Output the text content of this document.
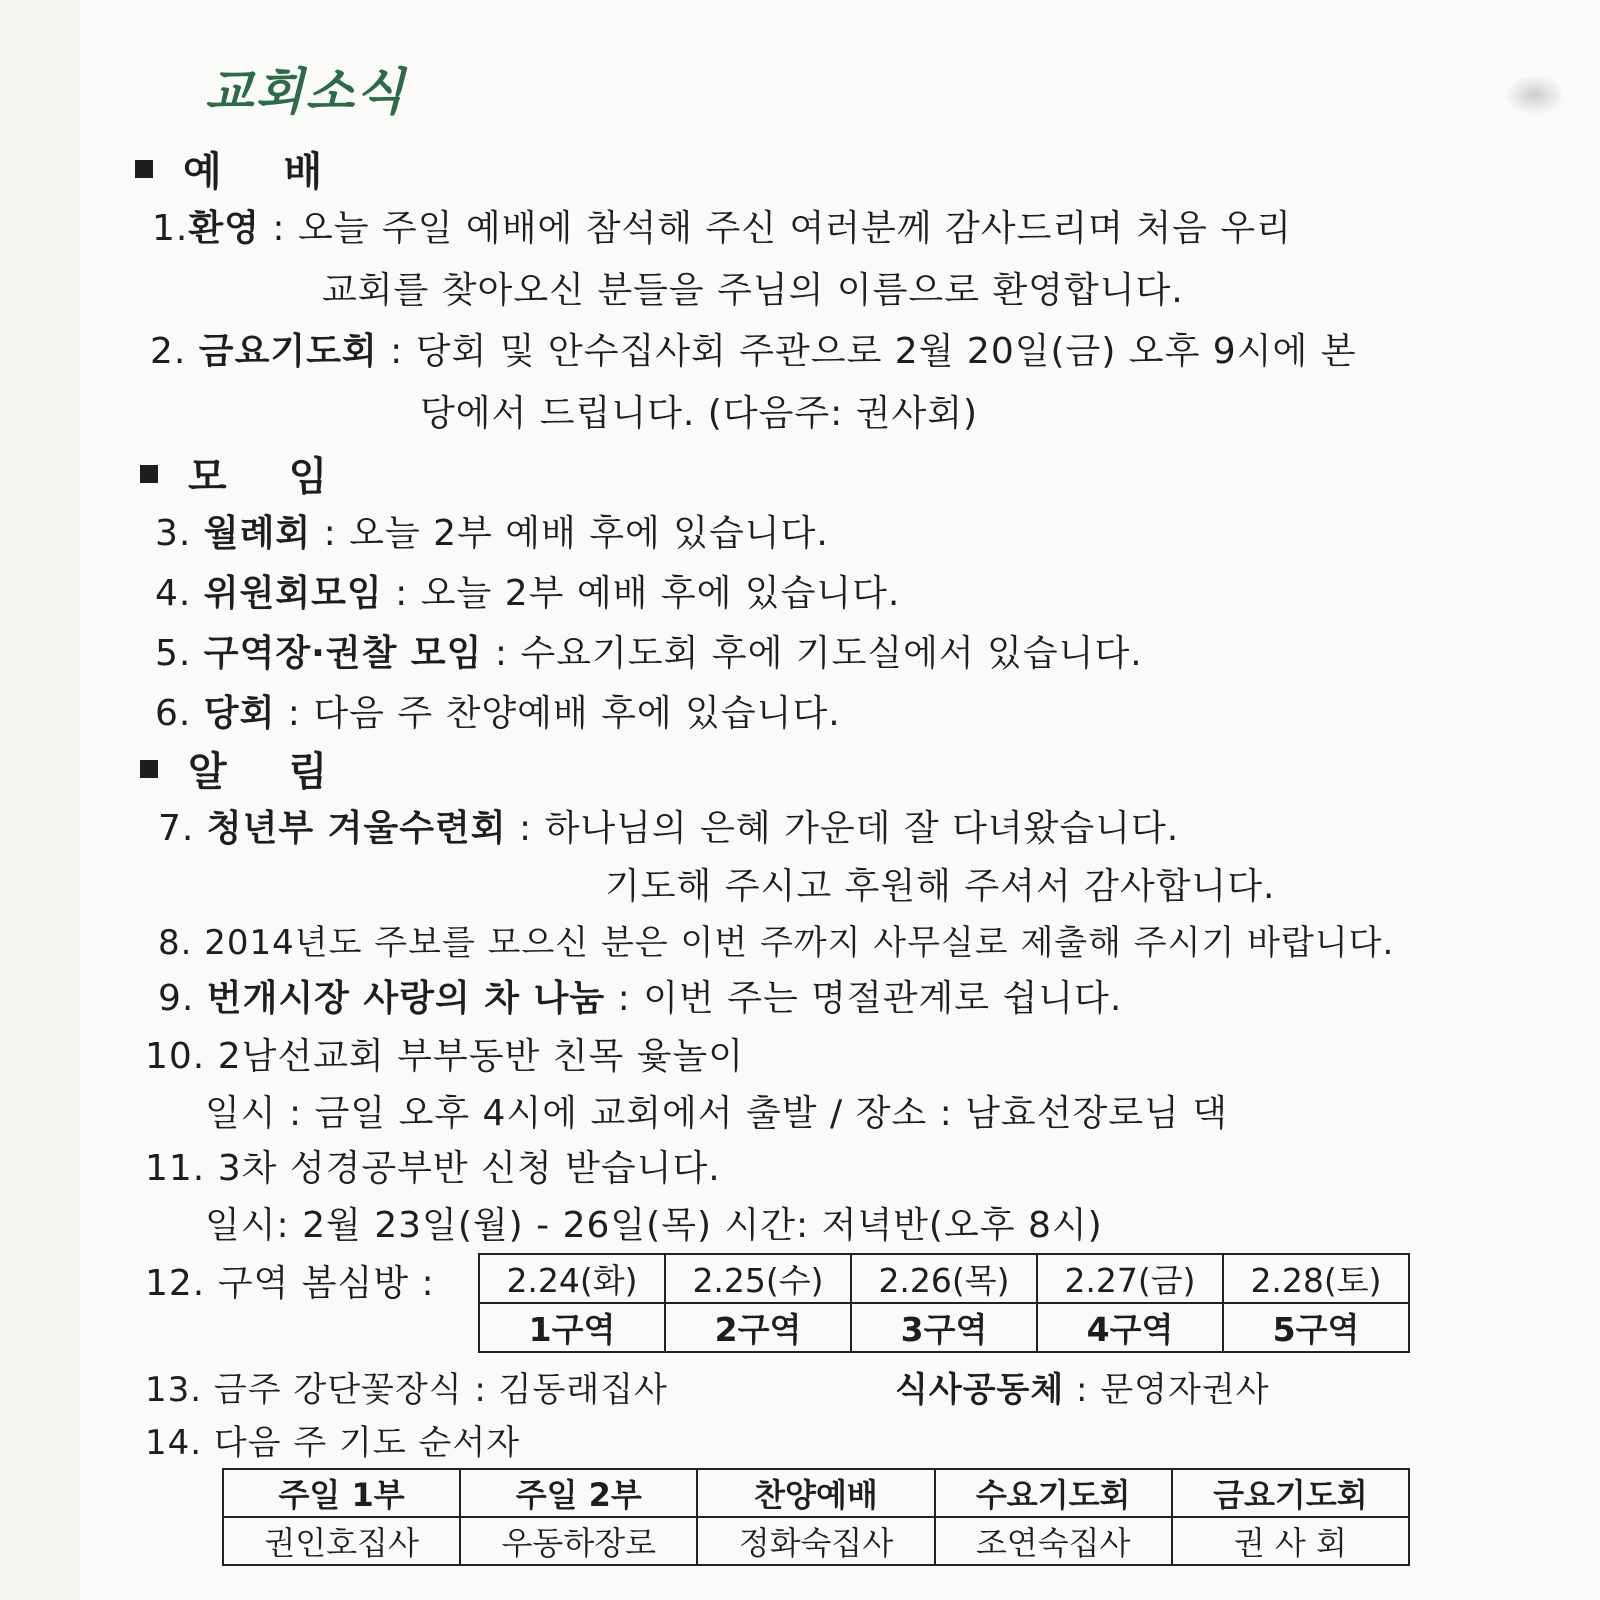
교회소식
예 배
1.환영 : 오늘 주일 예배에 참석해 주신 여러분께 감사드리며 처음 우리
교회를 찾아오신 분들을 주님의 이름으로 환영합니다.
2. 금요기도회 : 당회 및 안수집사회 주관으로 2월 20일(금) 오후 9시에 본
당에서 드립니다. (다음주: 권사회)
모 임
3. 월례회 : 오늘 2부 예배 후에 있습니다.
4. 위원회모임 : 오늘 2부 예배 후에 있습니다.
5. 구역장·권찰 모임 : 수요기도회 후에 기도실에서 있습니다.
6. 당회 : 다음 주 찬양예배 후에 있습니다.
알 림
7. 청년부 겨울수련회 : 하나님의 은혜 가운데 잘 다녀왔습니다.
기도해 주시고 후원해 주셔서 감사합니다.
8. 2014년도 주보를 모으신 분은 이번 주까지 사무실로 제출해 주시기 바랍니다.
9. 번개시장 사랑의 차 나눔 : 이번 주는 명절관계로 쉽니다.
10. 2남선교회 부부동반 친목 윷놀이
일시 : 금일 오후 4시에 교회에서 출발 / 장소 : 남효선장로님 댁
11. 3차 성경공부반 신청 받습니다.
일시: 2월 23일(월) - 26일(목) 시간: 저녁반(오후 8시)
12. 구역 봄심방 : 2.24(화)	2.25(수)	2.26(목)	2.27(금)	2.28(토)
1구역	2구역	3구역	4구역	5구역
13. 금주 강단꽃장식 : 김동래집사	식사공동체 : 문영자권사
14. 다음 주 기도 순서자
주일 1부	주일 2부	찬양예배	수요기도회	금요기도회
권인호집사	우동하장로	정화숙집사	조연숙집사	권 사 회
